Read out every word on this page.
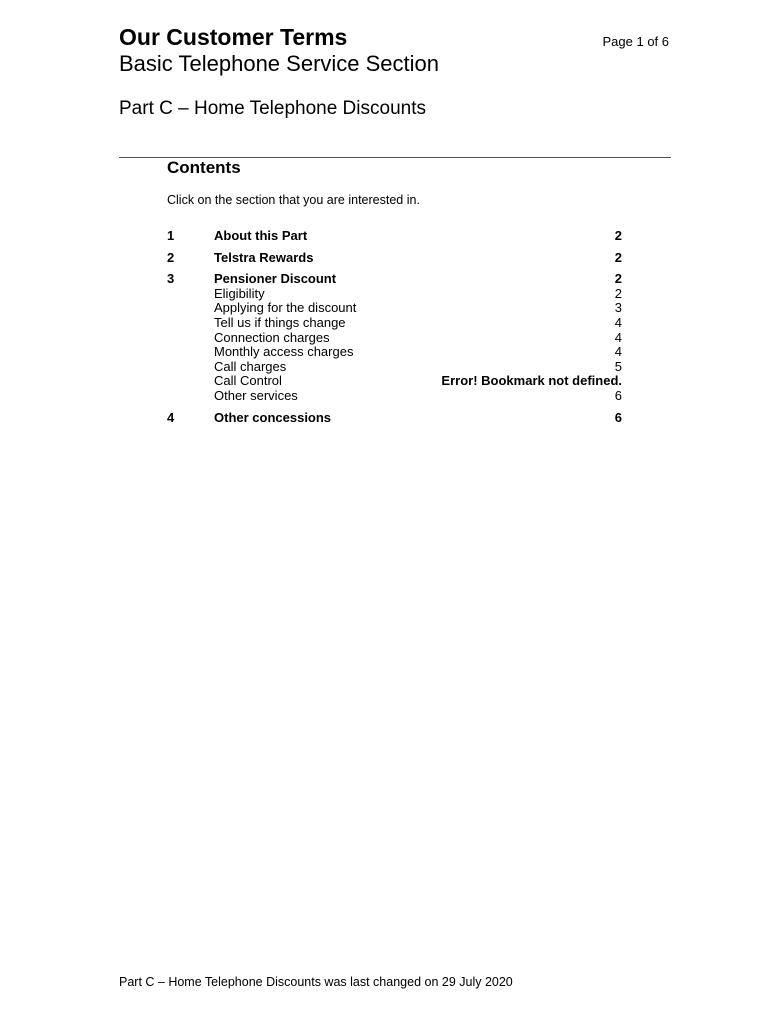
Our Customer Terms	Page 1 of 6
Basic Telephone Service Section
Part C – Home Telephone Discounts
Contents
Click on the section that you are interested in.
1	About this Part	2
2	Telstra Rewards	2
3	Pensioner Discount	2
Eligibility	2
Applying for the discount	3
Tell us if things change	4
Connection charges	4
Monthly access charges	4
Call charges	5
Call Control	Error! Bookmark not defined.
Other services	6
4	Other concessions	6
Part C – Home Telephone Discounts was last changed on 29 July 2020
